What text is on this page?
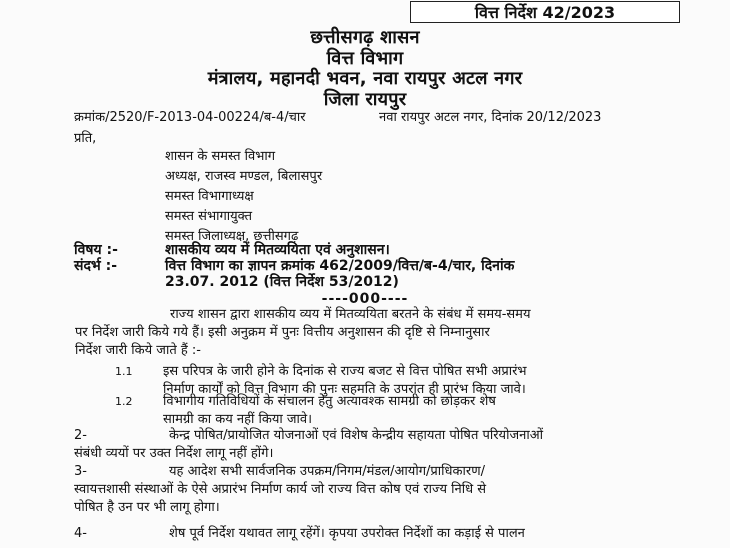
वित्त निर्देश 42/2023
छत्तीसगढ़ शासन
वित्त विभाग
मंत्रालय, महानदी भवन, नवा रायपुर अटल नगर
जिला रायपुर
क्रमांक/2520/F-2013-04-00224/ब-4/चार	नवा रायपुर अटल नगर, दिनांक 20/12/2023
प्रति,
शासन के समस्त विभाग
अध्यक्ष, राजस्व मण्डल, बिलासपुर
समस्त विभागाध्यक्ष
समस्त संभागायुक्त
समस्त जिलाध्यक्ष, छत्तीसगढ़
विषय :-	शासकीय व्यय में मितव्ययिता एवं अनुशासन।
संदर्भ :-	वित्त विभाग का ज्ञापन क्रमांक 462/2009/वित्त/ब-4/चार, दिनांक
23.07. 2012 (वित्त निर्देश 53/2012)
----000----
राज्य शासन द्वारा शासकीय व्यय में मितव्ययिता बरतने के संबंध में समय-समय
पर निर्देश जारी किये गये हैं। इसी अनुक्रम में पुनः वित्तीय अनुशासन की दृष्टि से निम्नानुसार
निर्देश जारी किये जाते हैं :-
1.1 इस परिपत्र के जारी होने के दिनांक से राज्य बजट से वित्त पोषित सभी अप्रारंभ
निर्माण कार्यों को वित्त विभाग की पुनः सहमति के उपरांत ही प्रारंभ किया जावे।
1.2 विभागीय गतिविधियों के संचालन हेतु अत्यावश्क सामग्री को छोड़कर शेष
सामग्री का कय नहीं किया जावे।
2-	केन्द्र पोषित/प्रायोजित योजनाओं एवं विशेष केन्द्रीय सहायता पोषित परियोजनाओं
संबंधी व्ययों पर उक्त निर्देश लागू नहीं होंगे।
3-	यह आदेश सभी सार्वजनिक उपक्रम/निगम/मंडल/आयोग/प्राधिकारण/
स्वायत्तशासी संस्थाओं के ऐसे अप्रारंभ निर्माण कार्य जो राज्य वित्त कोष एवं राज्य निधि से
पोषित है उन पर भी लागू होगा।
4-	शेष पूर्व निर्देश यथावत लागू रहेंगें। कृपया उपरोक्त निर्देशों का कड़ाई से पालन
